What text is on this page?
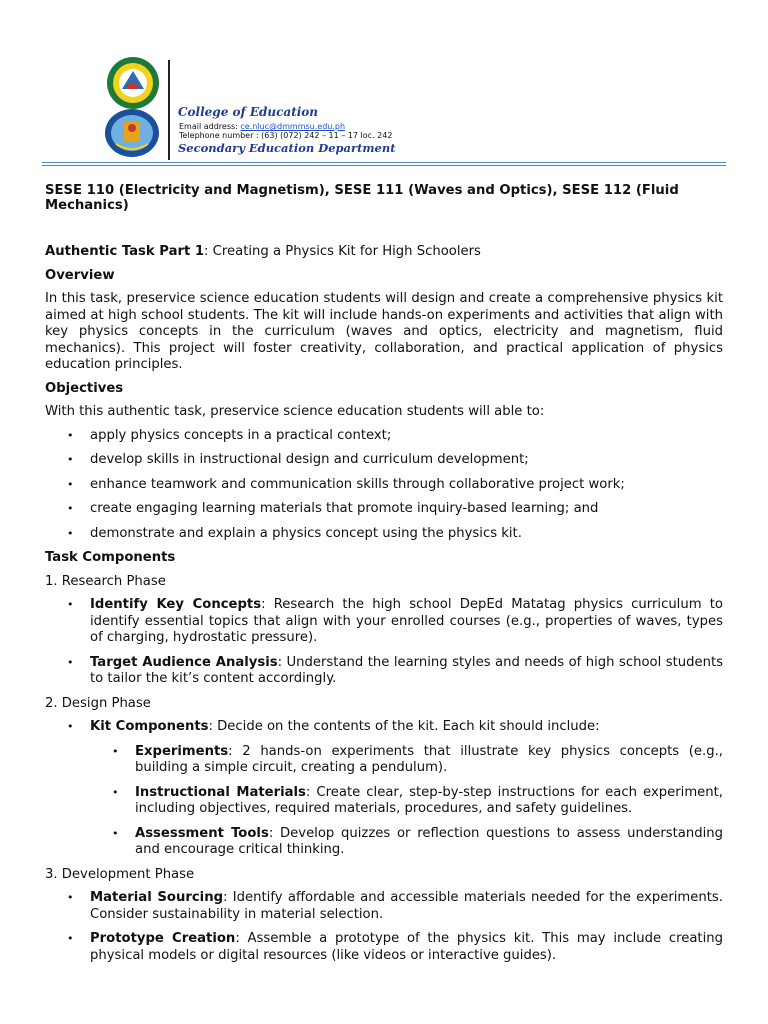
College of Education
Email address: ce.nluc@dmmmsu.edu.ph
Telephone number : (63) (072) 242 – 11 – 17 loc. 242
Secondary Education Department
SESE 110 (Electricity and Magnetism), SESE 111 (Waves and Optics), SESE 112 (Fluid Mechanics)

Authentic Task Part 1: Creating a Physics Kit for High Schoolers

Overview

In this task, preservice science education students will design and create a comprehensive physics kit aimed at high school students. The kit will include hands-on experiments and activities that align with key physics concepts in the curriculum (waves and optics, electricity and magnetism, fluid mechanics). This project will foster creativity, collaboration, and practical application of physics education principles.

Objectives

With this authentic task, preservice science education students will able to:

• apply physics concepts in a practical context;
• develop skills in instructional design and curriculum development;
• enhance teamwork and communication skills through collaborative project work;
• create engaging learning materials that promote inquiry-based learning; and
• demonstrate and explain a physics concept using the physics kit.

Task Components

1. Research Phase

• Identify Key Concepts: Research the high school DepEd Matatag physics curriculum to identify essential topics that align with your enrolled courses (e.g., properties of waves, types of charging, hydrostatic pressure).
• Target Audience Analysis: Understand the learning styles and needs of high school students to tailor the kit’s content accordingly.

2. Design Phase

• Kit Components: Decide on the contents of the kit. Each kit should include:
• Experiments: 2 hands-on experiments that illustrate key physics concepts (e.g., building a simple circuit, creating a pendulum).
• Instructional Materials: Create clear, step-by-step instructions for each experiment, including objectives, required materials, procedures, and safety guidelines.
• Assessment Tools: Develop quizzes or reflection questions to assess understanding and encourage critical thinking.

3. Development Phase

• Material Sourcing: Identify affordable and accessible materials needed for the experiments. Consider sustainability in material selection.
• Prototype Creation: Assemble a prototype of the physics kit. This may include creating physical models or digital resources (like videos or interactive guides).
